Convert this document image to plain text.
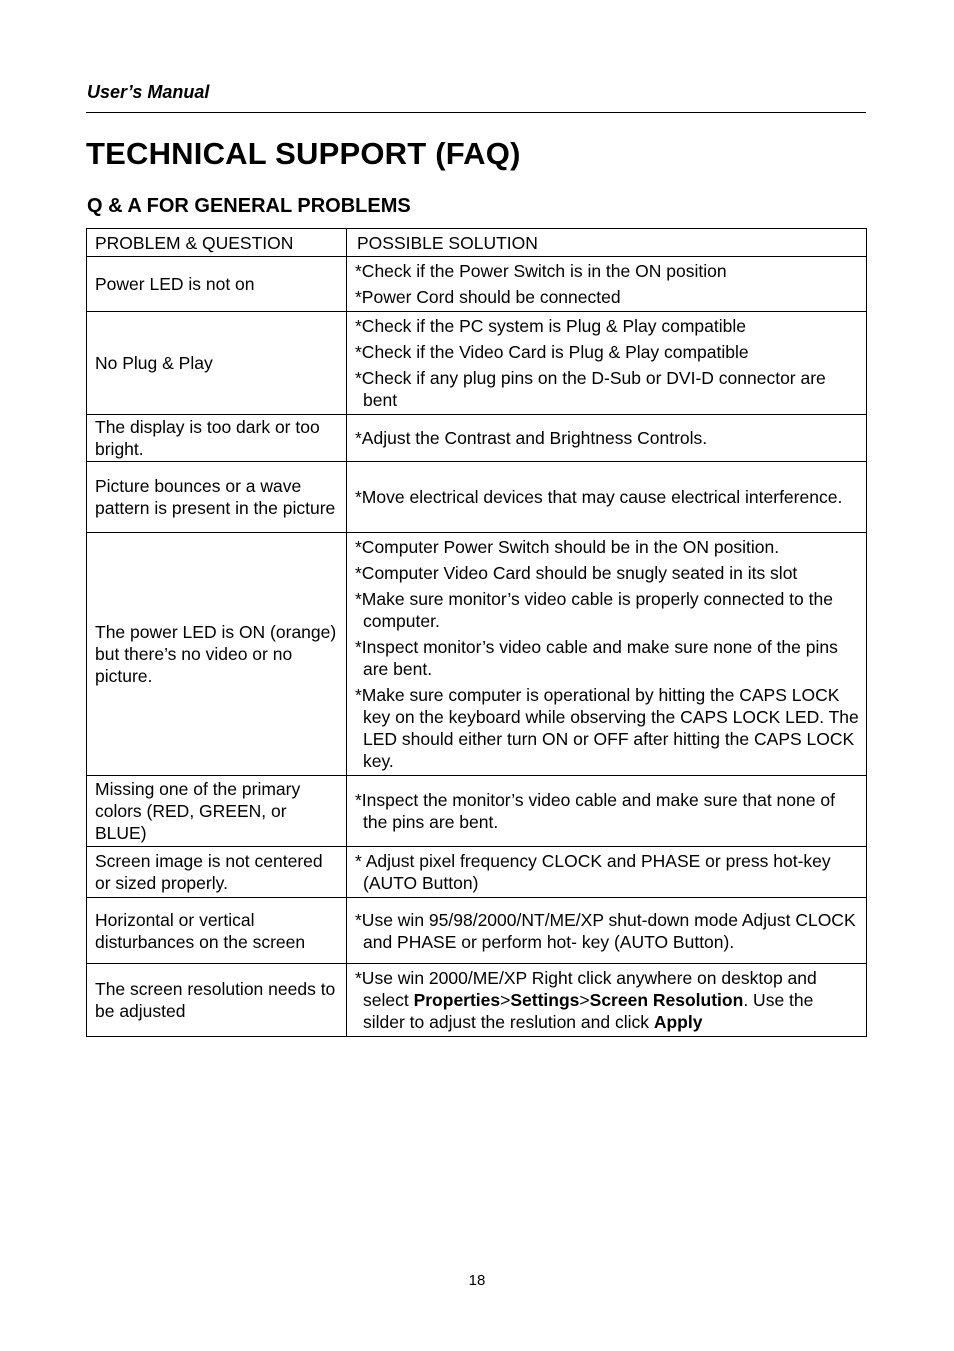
User’s Manual
TECHNICAL SUPPORT (FAQ)
Q & A FOR GENERAL PROBLEMS
PROBLEM & QUESTION	POSSIBLE SOLUTION
Power LED is not on	*Check if the Power Switch is in the ON position
*Power Cord should be connected

No Plug & Play	*Check if the PC system is Plug & Play compatible
*Check if the Video Card is Plug & Play compatible
*Check if any plug pins on the D-Sub or DVI-D connector are bent

The display is too dark or too bright.	*Adjust the Contrast and Brightness Controls.

Picture bounces or a wave pattern is present in the picture	*Move electrical devices that may cause electrical interference.

The power LED is ON (orange) but there’s no video or no picture.	*Computer Power Switch should be in the ON position.
*Computer Video Card should be snugly seated in its slot
*Make sure monitor’s video cable is properly connected to the computer.
*Inspect monitor’s video cable and make sure none of the pins are bent.
*Make sure computer is operational by hitting the CAPS LOCK key on the keyboard while observing the CAPS LOCK LED. The LED should either turn ON or OFF after hitting the CAPS LOCK key.

Missing one of the primary colors (RED, GREEN, or BLUE)	*Inspect the monitor’s video cable and make sure that none of the pins are bent.

Screen image is not centered or sized properly.	* Adjust pixel frequency CLOCK and PHASE or press hot-key (AUTO Button)

Horizontal or vertical disturbances on the screen	*Use win 95/98/2000/NT/ME/XP shut-down mode Adjust CLOCK and PHASE or perform hot- key (AUTO Button).

The screen resolution needs to be adjusted	*Use win 2000/ME/XP Right click anywhere on desktop and select Properties>Settings>Screen Resolution. Use the silder to adjust the reslution and click Apply
18
